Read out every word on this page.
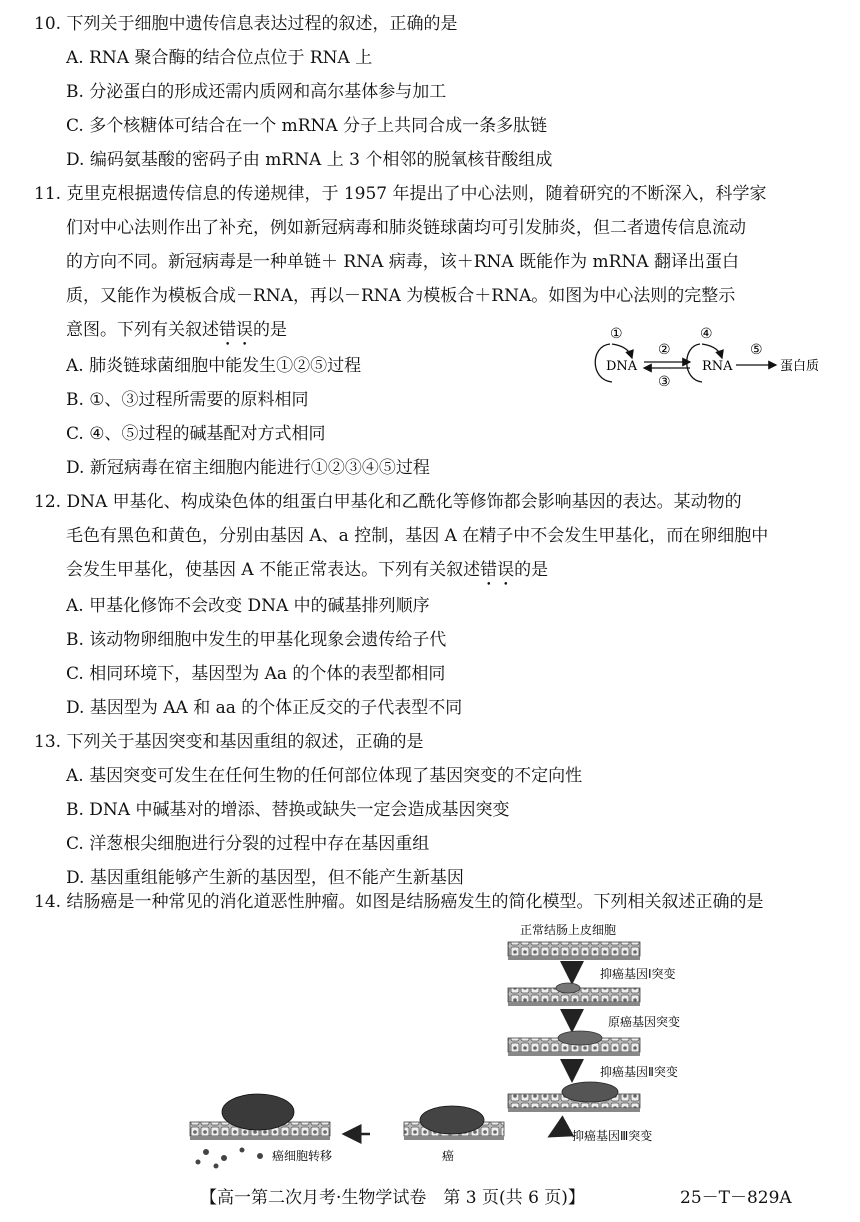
10. 下列关于细胞中遗传信息表达过程的叙述，正确的是
A. RNA 聚合酶的结合位点位于 RNA 上
B. 分泌蛋白的形成还需内质网和高尔基体参与加工
C. 多个核糖体可结合在一个 mRNA 分子上共同合成一条多肽链
D. 编码氨基酸的密码子由 mRNA 上 3 个相邻的脱氧核苷酸组成
11. 克里克根据遗传信息的传递规律，于 1957 年提出了中心法则，随着研究的不断深入，科学家
们对中心法则作出了补充，例如新冠病毒和肺炎链球菌均可引发肺炎，但二者遗传信息流动
的方向不同。新冠病毒是一种单链＋ RNA 病毒，该＋RNA 既能作为 mRNA 翻译出蛋白
质，又能作为模板合成－RNA，再以－RNA 为模板合＋RNA。如图为中心法则的完整示
意图。下列有关叙述错误的是
A. 肺炎链球菌细胞中能发生①②⑤过程
B. ①、③过程所需要的原料相同
C. ④、⑤过程的碱基配对方式相同
D. 新冠病毒在宿主细胞内能进行①②③④⑤过程
①
DNA
②
③
④
RNA
⑤
蛋白质
12. DNA 甲基化、构成染色体的组蛋白甲基化和乙酰化等修饰都会影响基因的表达。某动物的
毛色有黑色和黄色，分别由基因 A、a 控制，基因 A 在精子中不会发生甲基化，而在卵细胞中
会发生甲基化，使基因 A 不能正常表达。下列有关叙述错误的是
A. 甲基化修饰不会改变 DNA 中的碱基排列顺序
B. 该动物卵细胞中发生的甲基化现象会遗传给子代
C. 相同环境下，基因型为 Aa 的个体的表型都相同
D. 基因型为 AA 和 aa 的个体正反交的子代表型不同
13. 下列关于基因突变和基因重组的叙述，正确的是
A. 基因突变可发生在任何生物的任何部位体现了基因突变的不定向性
B. DNA 中碱基对的增添、替换或缺失一定会造成基因突变
C. 洋葱根尖细胞进行分裂的过程中存在基因重组
D. 基因重组能够产生新的基因型，但不能产生新基因
14. 结肠癌是一种常见的消化道恶性肿瘤。如图是结肠癌发生的简化模型。下列相关叙述正确的是
正常结肠上皮细胞
抑癌基因Ⅰ突变
原癌基因突变
抑癌基因Ⅱ突变
抑癌基因Ⅲ突变
癌
癌细胞转移
【高一第二次月考·生物学试卷　第 3 页(共 6 页)】	25－T－829A
